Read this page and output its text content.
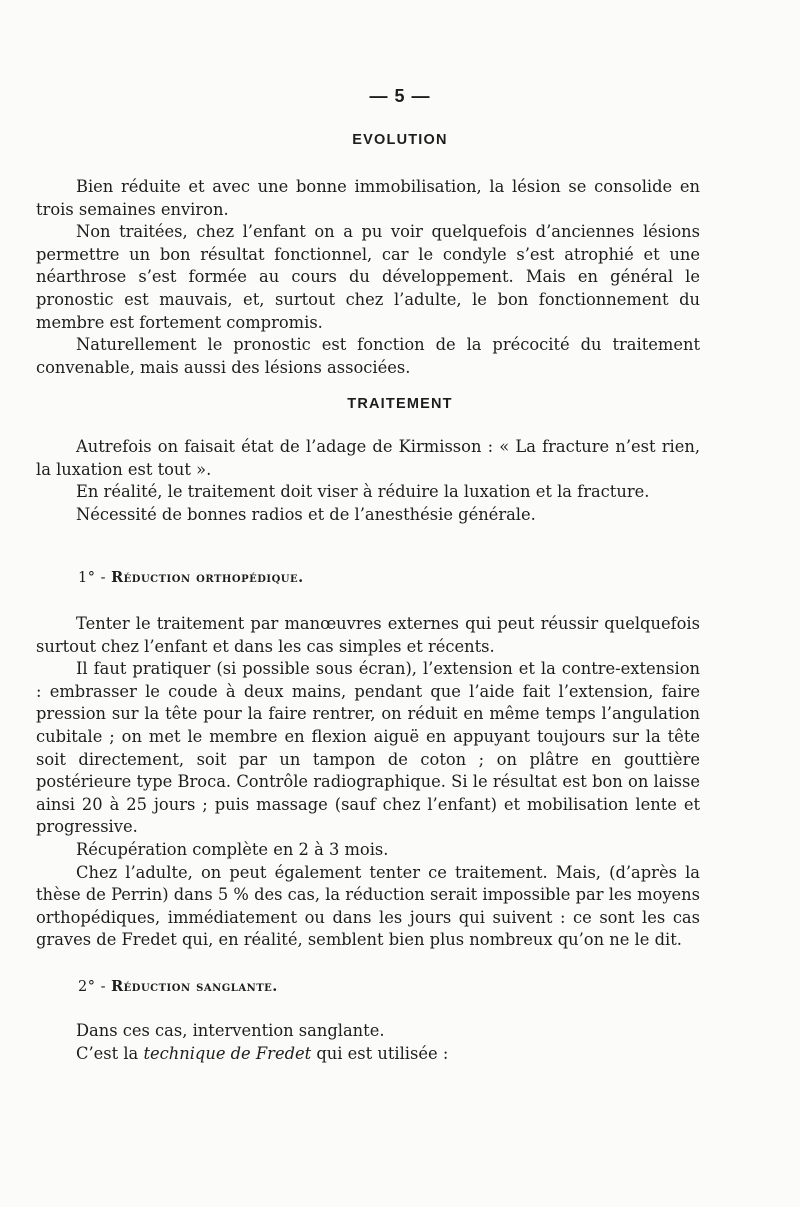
— 5 —
EVOLUTION

Bien réduite et avec une bonne immobilisation, la lésion se consolide en trois semaines environ.

Non traitées, chez l’enfant on a pu voir quelquefois d’anciennes lésions permettre un bon résultat fonctionnel, car le condyle s’est atrophié et une néarthrose s’est formée au cours du développement. Mais en général le pronostic est mauvais, et, surtout chez l’adulte, le bon fonctionnement du membre est fortement compromis.

Naturellement le pronostic est fonction de la précocité du traitement convenable, mais aussi des lésions associées.

TRAITEMENT

Autrefois on faisait état de l’adage de Kirmisson : « La fracture n’est rien, la luxation est tout ».

En réalité, le traitement doit viser à réduire la luxation et la fracture.

Nécessité de bonnes radios et de l’anesthésie générale.

1° - Réduction orthopédique.

Tenter le traitement par manœuvres externes qui peut réussir quelquefois surtout chez l’enfant et dans les cas simples et récents.

Il faut pratiquer (si possible sous écran), l’extension et la contre-extension : embrasser le coude à deux mains, pendant que l’aide fait l’extension, faire pression sur la tête pour la faire rentrer, on réduit en même temps l’angulation cubitale ; on met le membre en flexion aiguë en appuyant toujours sur la tête soit directement, soit par un tampon de coton ; on plâtre en gouttière postérieure type Broca. Contrôle radiographique. Si le résultat est bon on laisse ainsi 20 à 25 jours ; puis massage (sauf chez l’enfant) et mobilisation lente et progressive.

Récupération complète en 2 à 3 mois.

Chez l’adulte, on peut également tenter ce traitement. Mais, (d’après la thèse de Perrin) dans 5 % des cas, la réduction serait impossible par les moyens orthopédiques, immédiatement ou dans les jours qui suivent : ce sont les cas graves de Fredet qui, en réalité, semblent bien plus nombreux qu’on ne le dit.

2° - Réduction sanglante.

Dans ces cas, intervention sanglante.

C’est la technique de Fredet qui est utilisée :
